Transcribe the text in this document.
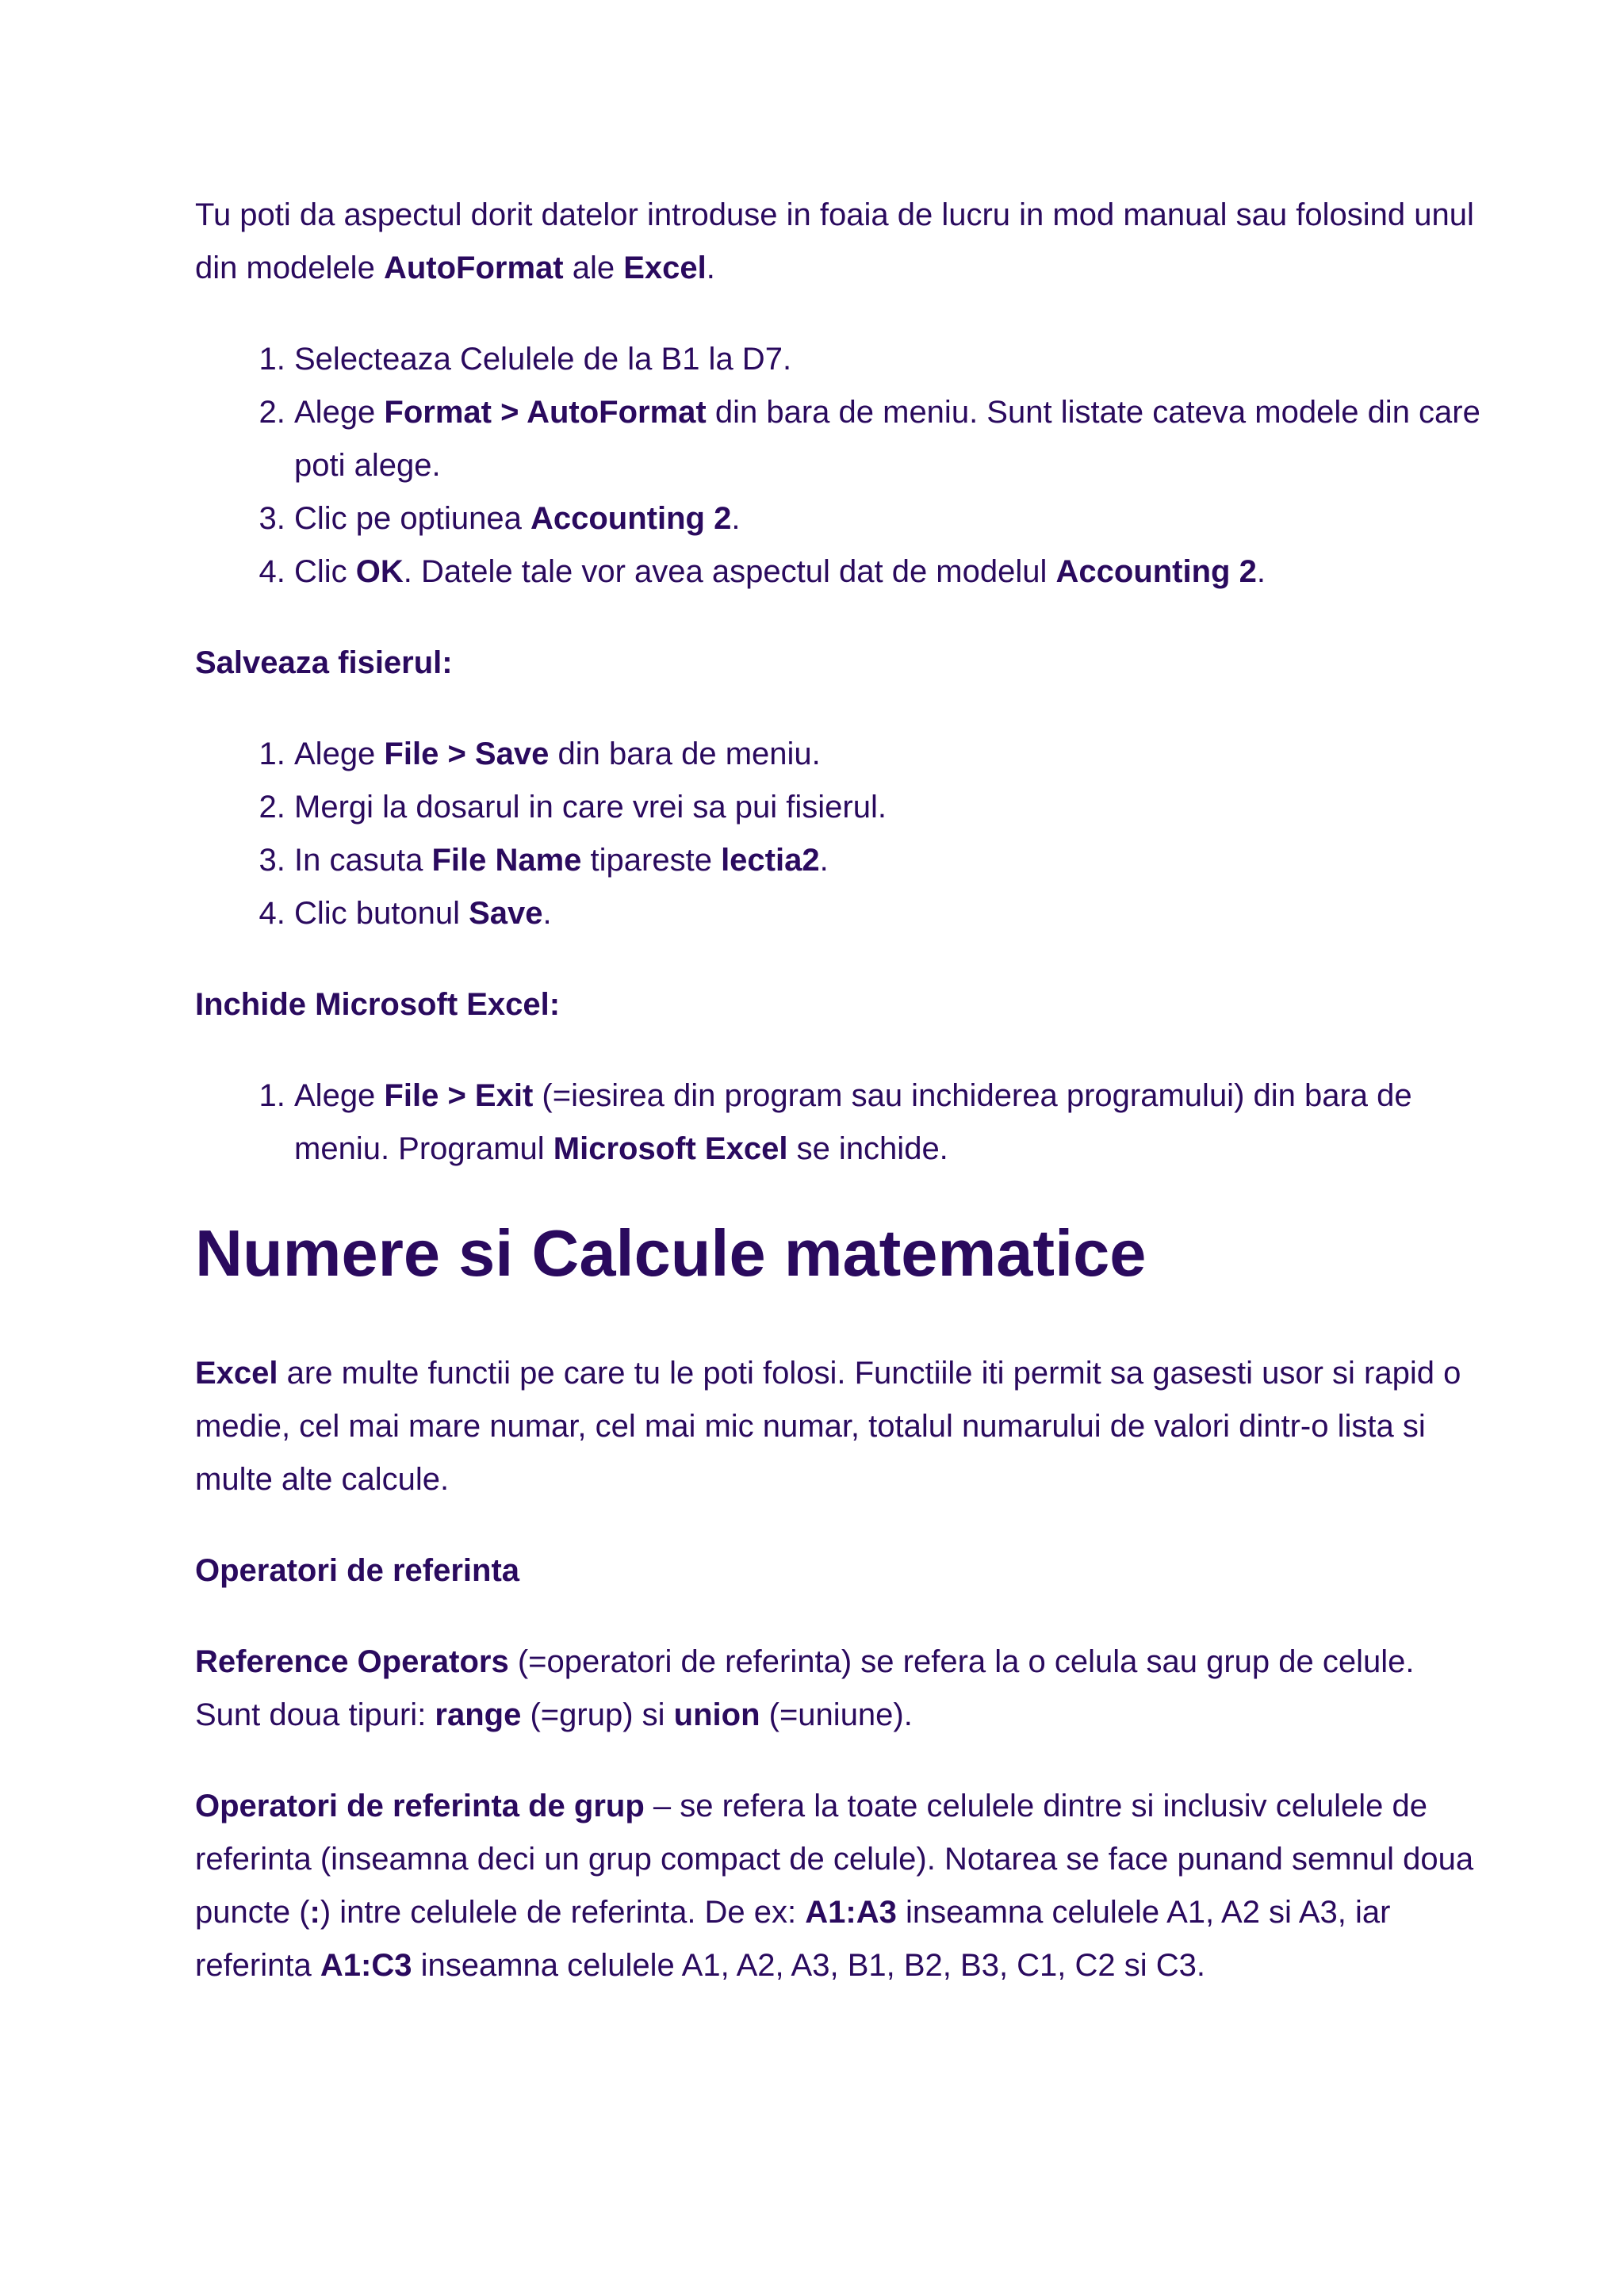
Tu poti da aspectul dorit datelor introduse in foaia de lucru in mod manual sau folosind unul din modelele AutoFormat ale Excel.

1. Selecteaza Celulele de la B1 la D7.
2. Alege Format > AutoFormat din bara de meniu. Sunt listate cateva modele din care poti alege.
3. Clic pe optiunea Accounting 2.
4. Clic OK. Datele tale vor avea aspectul dat de modelul Accounting 2.

Salveaza fisierul:

1. Alege File > Save din bara de meniu.
2. Mergi la dosarul in care vrei sa pui fisierul.
3. In casuta File Name tipareste lectia2.
4. Clic butonul Save.

Inchide Microsoft Excel:

1. Alege File > Exit (=iesirea din program sau inchiderea programului) din bara de meniu. Programul Microsoft Excel se inchide.
Numere si Calcule matematice

Excel are multe functii pe care tu le poti folosi. Functiile iti permit sa gasesti usor si rapid o medie, cel mai mare numar, cel mai mic numar, totalul numarului de valori dintr-o lista si multe alte calcule.

Operatori de referinta

Reference Operators (=operatori de referinta) se refera la o celula sau grup de celule. Sunt doua tipuri: range (=grup) si union (=uniune).

Operatori de referinta de grup – se refera la toate celulele dintre si inclusiv celulele de referinta (inseamna deci un grup compact de celule). Notarea se face punand semnul doua puncte (:) intre celulele de referinta. De ex: A1:A3 inseamna celulele A1, A2 si A3, iar referinta A1:C3 inseamna celulele A1, A2, A3, B1, B2, B3, C1, C2 si C3.
